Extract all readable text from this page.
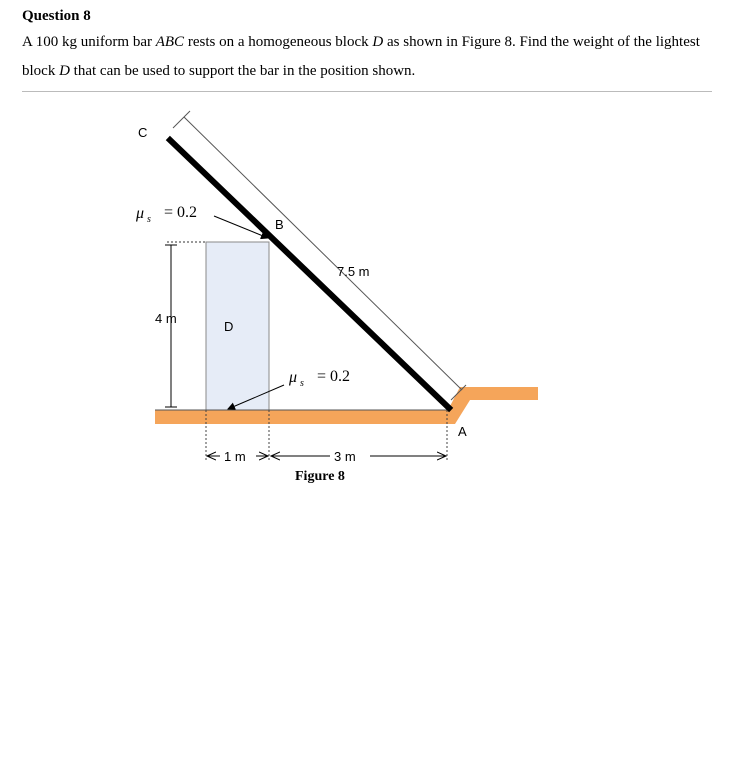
Question 8
A 100 kg uniform bar ABC rests on a homogeneous block D as shown in Figure 8. Find the weight of the lightest block D that can be used to support the bar in the position shown.
C
B
A
D
7.5 m
4 m
1 m	3 m
μ s = 0.2
μ s = 0.2
Figure 8
